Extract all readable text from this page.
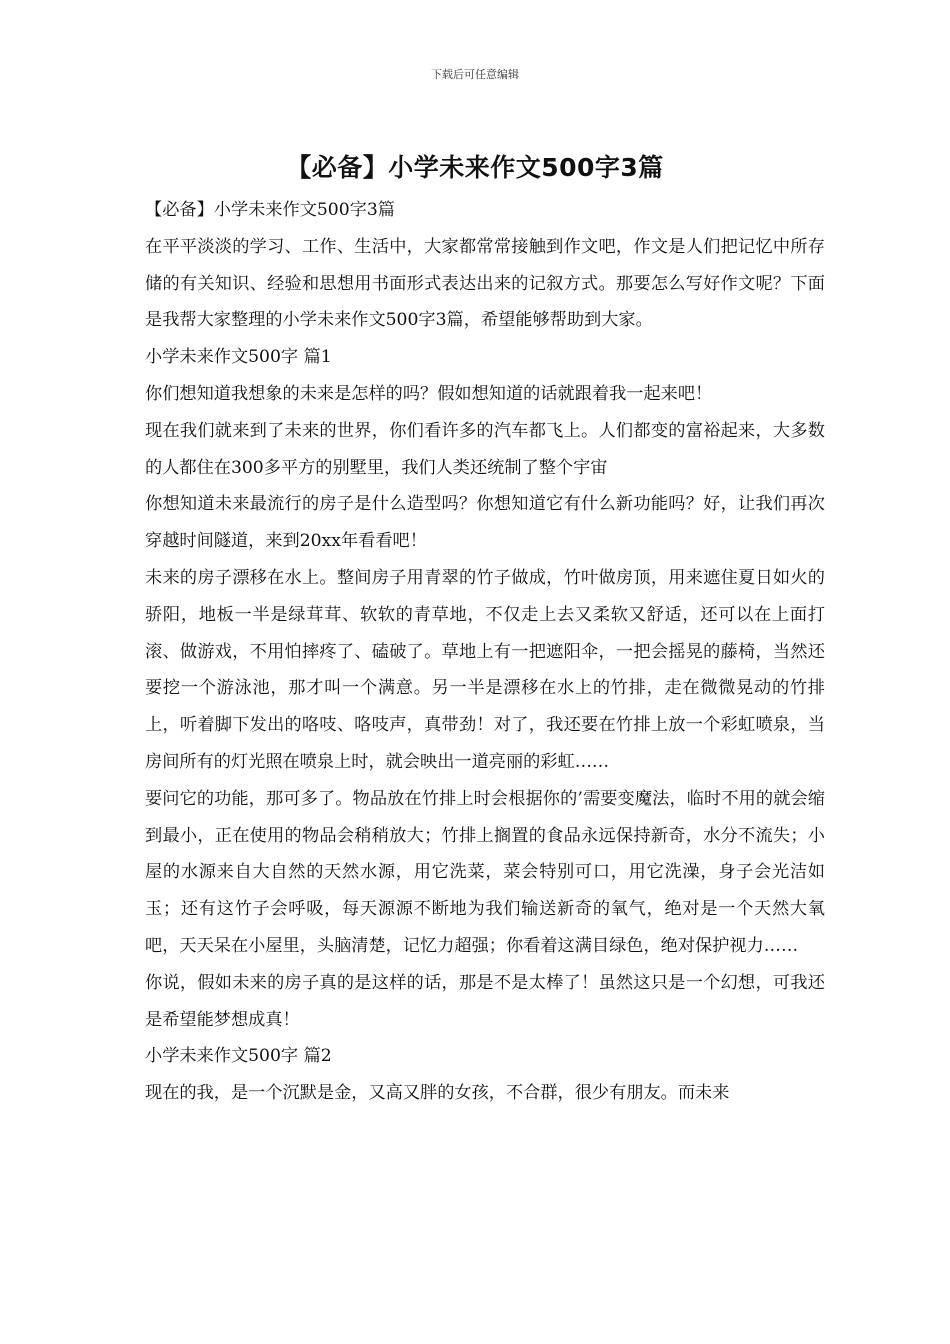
下载后可任意编辑
【必备】小学未来作文500字3篇

【必备】小学未来作文500字3篇

在平平淡淡的学习、工作、生活中，大家都常常接触到作文吧，作文是人们把记忆中所存储的有关知识、经验和思想用书面形式表达出来的记叙方式。那要怎么写好作文呢？下面是我帮大家整理的小学未来作文500字3篇，希望能够帮助到大家。

小学未来作文500字 篇1

你们想知道我想象的未来是怎样的吗？假如想知道的话就跟着我一起来吧！

现在我们就来到了未来的世界，你们看许多的汽车都飞上。人们都变的富裕起来，大多数的人都住在300多平方的别墅里，我们人类还统制了整个宇宙

你想知道未来最流行的房子是什么造型吗？你想知道它有什么新功能吗？好，让我们再次穿越时间隧道，来到20xx年看看吧！

未来的房子漂移在水上。整间房子用青翠的竹子做成，竹叶做房顶，用来遮住夏日如火的骄阳，地板一半是绿茸茸、软软的青草地，不仅走上去又柔软又舒适，还可以在上面打滚、做游戏，不用怕摔疼了、磕破了。草地上有一把遮阳伞，一把会摇晃的藤椅，当然还要挖一个游泳池，那才叫一个满意。另一半是漂移在水上的竹排，走在微微晃动的竹排上，听着脚下发出的咯吱、咯吱声，真带劲！对了，我还要在竹排上放一个彩虹喷泉，当房间所有的灯光照在喷泉上时，就会映出一道亮丽的彩虹……

要问它的功能，那可多了。物品放在竹排上时会根据你的’需要变魔法，临时不用的就会缩到最小，正在使用的物品会稍稍放大；竹排上搁置的食品永远保持新奇，水分不流失；小屋的水源来自大自然的天然水源，用它洗菜，菜会特别可口，用它洗澡，身子会光洁如玉；还有这竹子会呼吸，每天源源不断地为我们输送新奇的氧气，绝对是一个天然大氧吧，天天呆在小屋里，头脑清楚，记忆力超强；你看着这满目绿色，绝对保护视力……

你说，假如未来的房子真的是这样的话，那是不是太棒了！虽然这只是一个幻想，可我还是希望能梦想成真！

小学未来作文500字 篇2

现在的我，是一个沉默是金，又高又胖的女孩，不合群，很少有朋友。而未来
